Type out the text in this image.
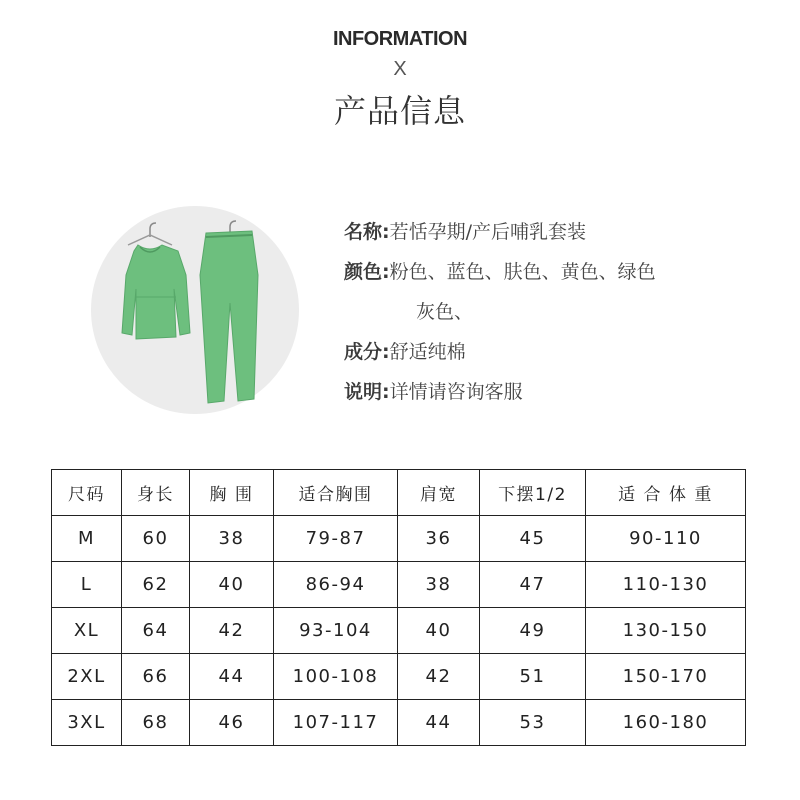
INFORMATION
X
产品信息
名称: 若恬孕期/产后哺乳套装
颜色: 粉色、蓝色、肤色、黄色、绿色
灰色、
成分: 舒适纯棉
说明: 详情请咨询客服
尺码	身长	胸 围	适合胸围	肩宽	下摆1/2	适 合 体 重
M	60	38	79-87	36	45	90-110
L	62	40	86-94	38	47	110-130
XL	64	42	93-104	40	49	130-150
2XL	66	44	100-108	42	51	150-170
3XL	68	46	107-117	44	53	160-180
